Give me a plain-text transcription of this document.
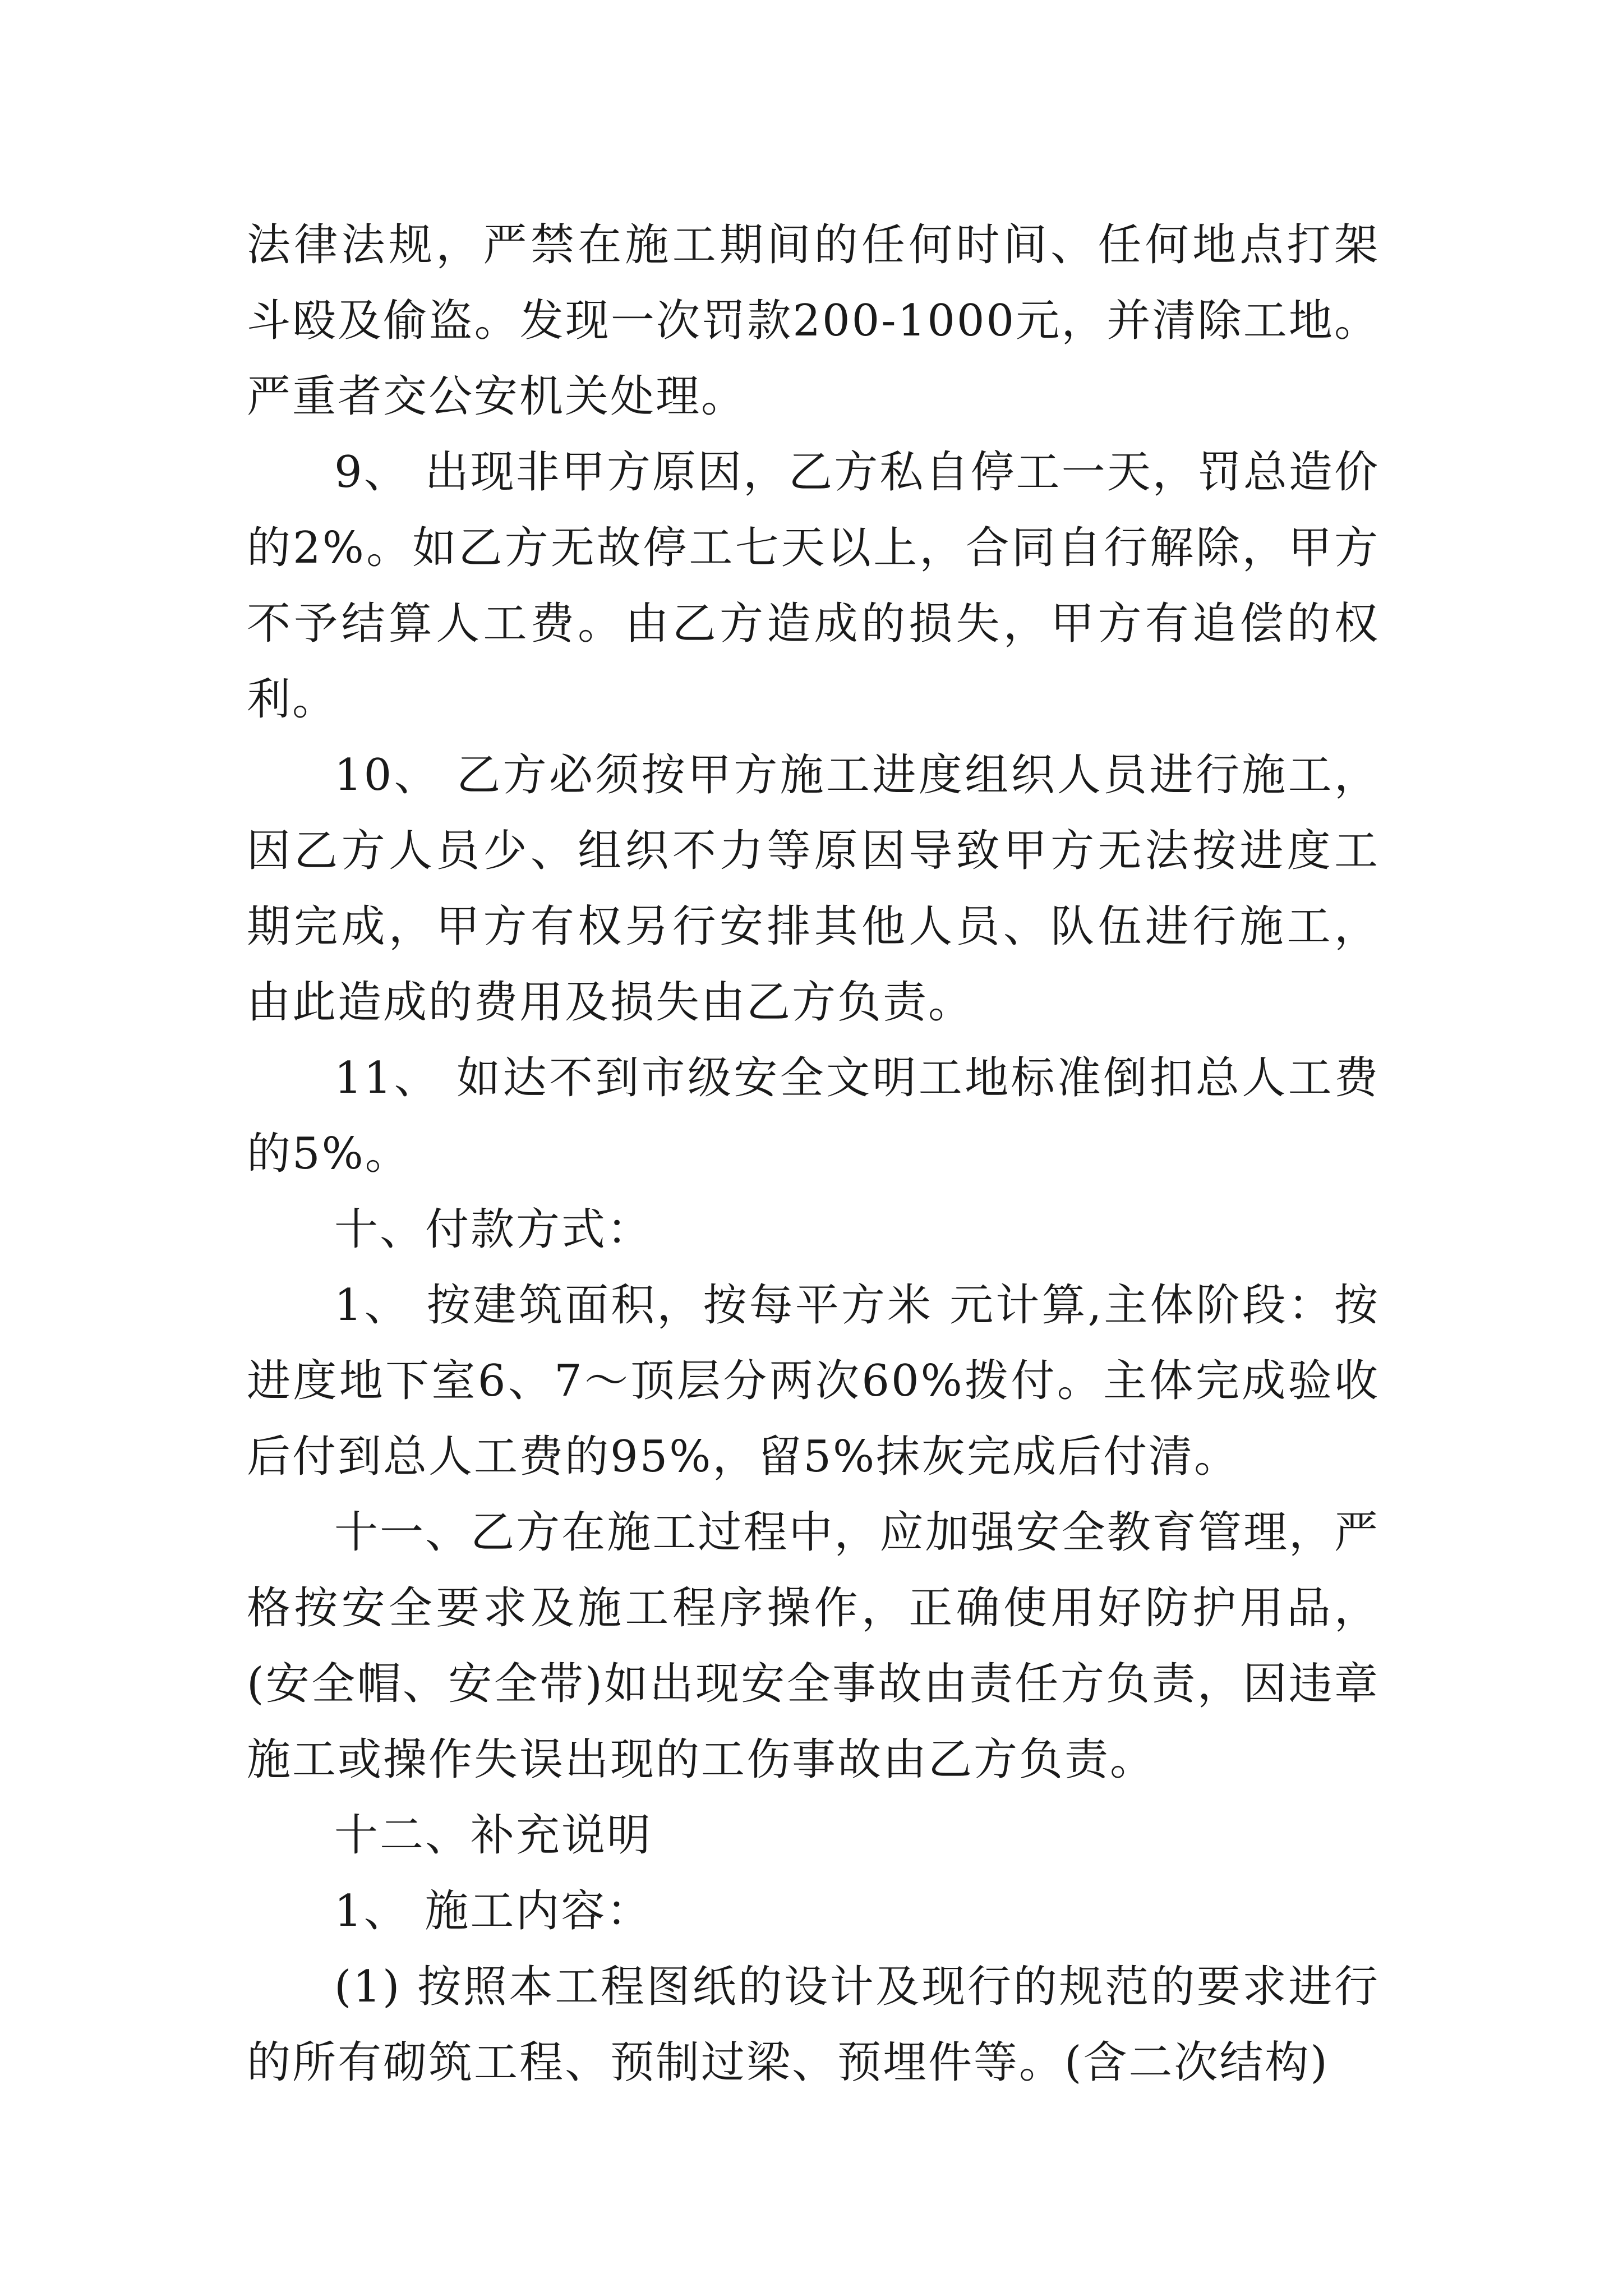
法律法规，严禁在施工期间的任何时间、任何地点打架斗殴及偷盗。发现一次罚款200-1000元，并清除工地。严重者交公安机关处理。

9、 出现非甲方原因，乙方私自停工一天，罚总造价的2%。如乙方无故停工七天以上，合同自行解除，甲方不予结算人工费。由乙方造成的损失，甲方有追偿的权利。

10、 乙方必须按甲方施工进度组织人员进行施工，因乙方人员少、组织不力等原因导致甲方无法按进度工期完成，甲方有权另行安排其他人员、队伍进行施工，由此造成的费用及损失由乙方负责。

11、 如达不到市级安全文明工地标准倒扣总人工费的5%。

十、付款方式：

1、 按建筑面积，按每平方米 元计算,主体阶段：按进度地下室6、7～顶层分两次60%拨付。主体完成验收后付到总人工费的95%，留5%抹灰完成后付清。

十一、乙方在施工过程中，应加强安全教育管理，严格按安全要求及施工程序操作，正确使用好防护用品，(安全帽、安全带)如出现安全事故由责任方负责，因违章施工或操作失误出现的工伤事故由乙方负责。

十二、补充说明

1、 施工内容：

(1) 按照本工程图纸的设计及现行的规范的要求进行的所有砌筑工程、预制过梁、预埋件等。(含二次结构)
